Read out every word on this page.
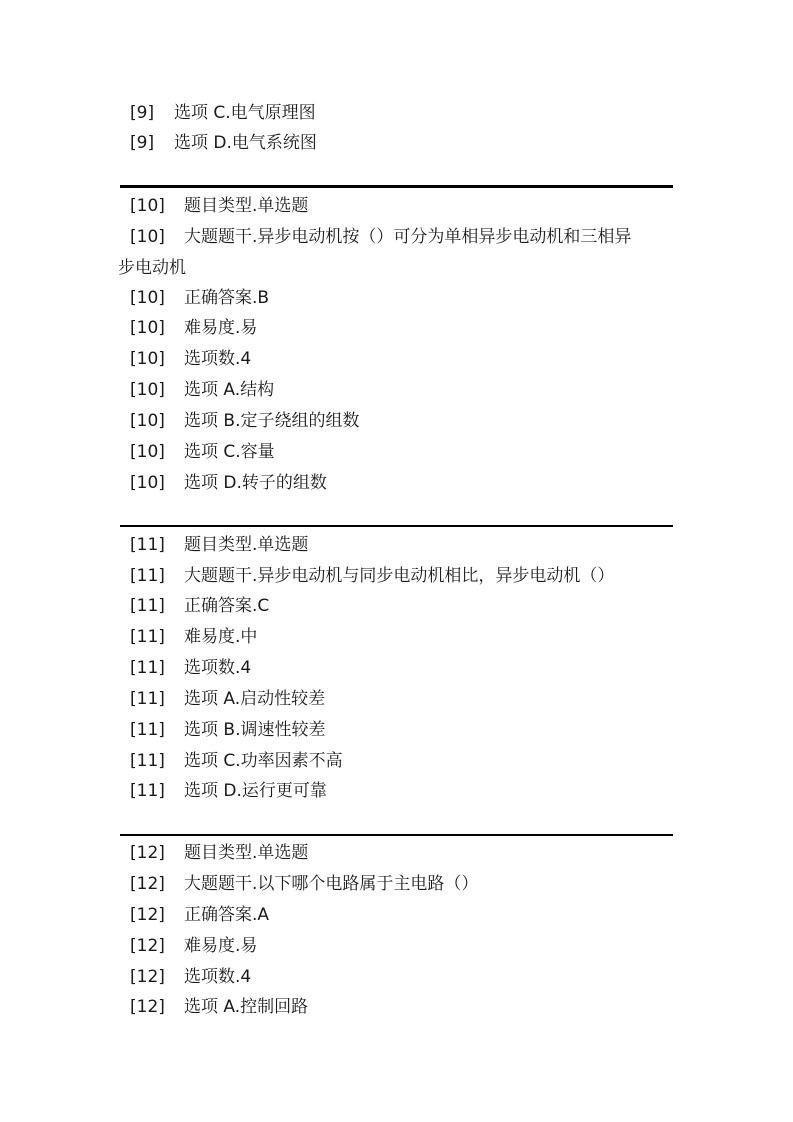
[9] 选项 C.电气原理图
[9] 选项 D.电气系统图
[10] 题目类型.单选题
[10] 大题题干.异步电动机按（）可分为单相异步电动机和三相异
步电动机
[10] 正确答案.B
[10] 难易度.易
[10] 选项数.4
[10] 选项 A.结构
[10] 选项 B.定子绕组的组数
[10] 选项 C.容量
[10] 选项 D.转子的组数
[11] 题目类型.单选题
[11] 大题题干.异步电动机与同步电动机相比，异步电动机（）
[11] 正确答案.C
[11] 难易度.中
[11] 选项数.4
[11] 选项 A.启动性较差
[11] 选项 B.调速性较差
[11] 选项 C.功率因素不高
[11] 选项 D.运行更可靠
[12] 题目类型.单选题
[12] 大题题干.以下哪个电路属于主电路（）
[12] 正确答案.A
[12] 难易度.易
[12] 选项数.4
[12] 选项 A.控制回路
